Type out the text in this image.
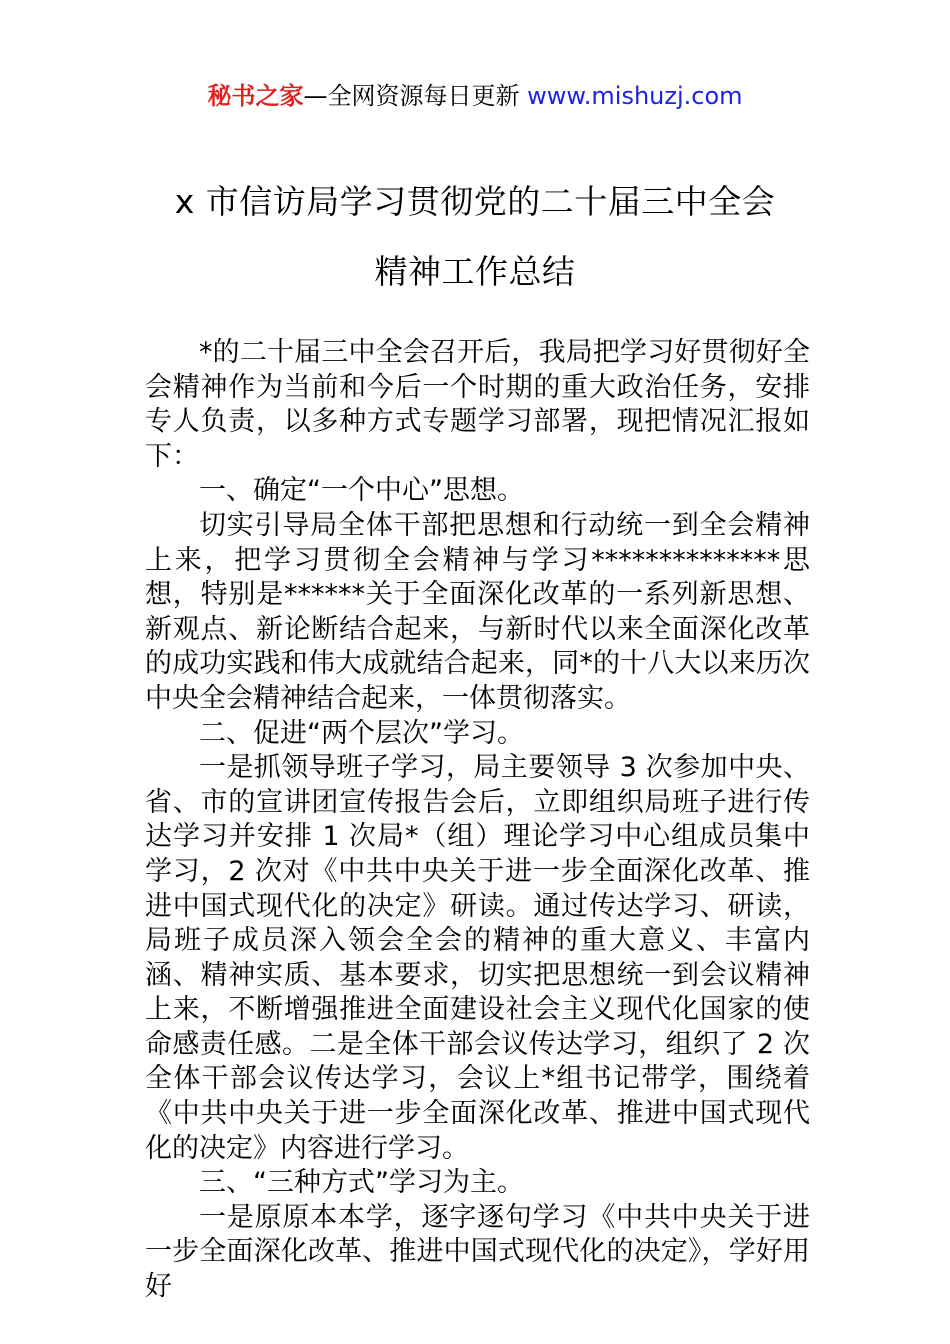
秘书之家—全网资源每日更新 www.mishuzj.com
x 市信访局学习贯彻党的二十届三中全会
精神工作总结

*的二十届三中全会召开后，我局把学习好贯彻好全会精神作为当前和今后一个时期的重大政治任务，安排专人负责，以多种方式专题学习部署，现把情况汇报如下：

一、确定“一个中心”思想。

切实引导局全体干部把思想和行动统一到全会精神上来，把学习贯彻全会精神与学习**************思想，特别是******关于全面深化改革的一系列新思想、新观点、新论断结合起来，与新时代以来全面深化改革的成功实践和伟大成就结合起来，同*的十八大以来历次中央全会精神结合起来，一体贯彻落实。

二、促进“两个层次”学习。

一是抓领导班子学习，局主要领导 3 次参加中央、省、市的宣讲团宣传报告会后，立即组织局班子进行传达学习并安排 1 次局*（组）理论学习中心组成员集中学习，2 次对《中共中央关于进一步全面深化改革、推进中国式现代化的决定》研读。通过传达学习、研读，局班子成员深入领会全会的精神的重大意义、丰富内涵、精神实质、基本要求，切实把思想统一到会议精神上来，不断增强推进全面建设社会主义现代化国家的使命感责任感。二是全体干部会议传达学习，组织了 2 次全体干部会议传达学习，会议上*组书记带学，围绕着《中共中央关于进一步全面深化改革、推进中国式现代化的决定》内容进行学习。

三、“三种方式”学习为主。

一是原原本本学，逐字逐句学习《中共中央关于进一步全面深化改革、推进中国式现代化的决定》，学好用好
